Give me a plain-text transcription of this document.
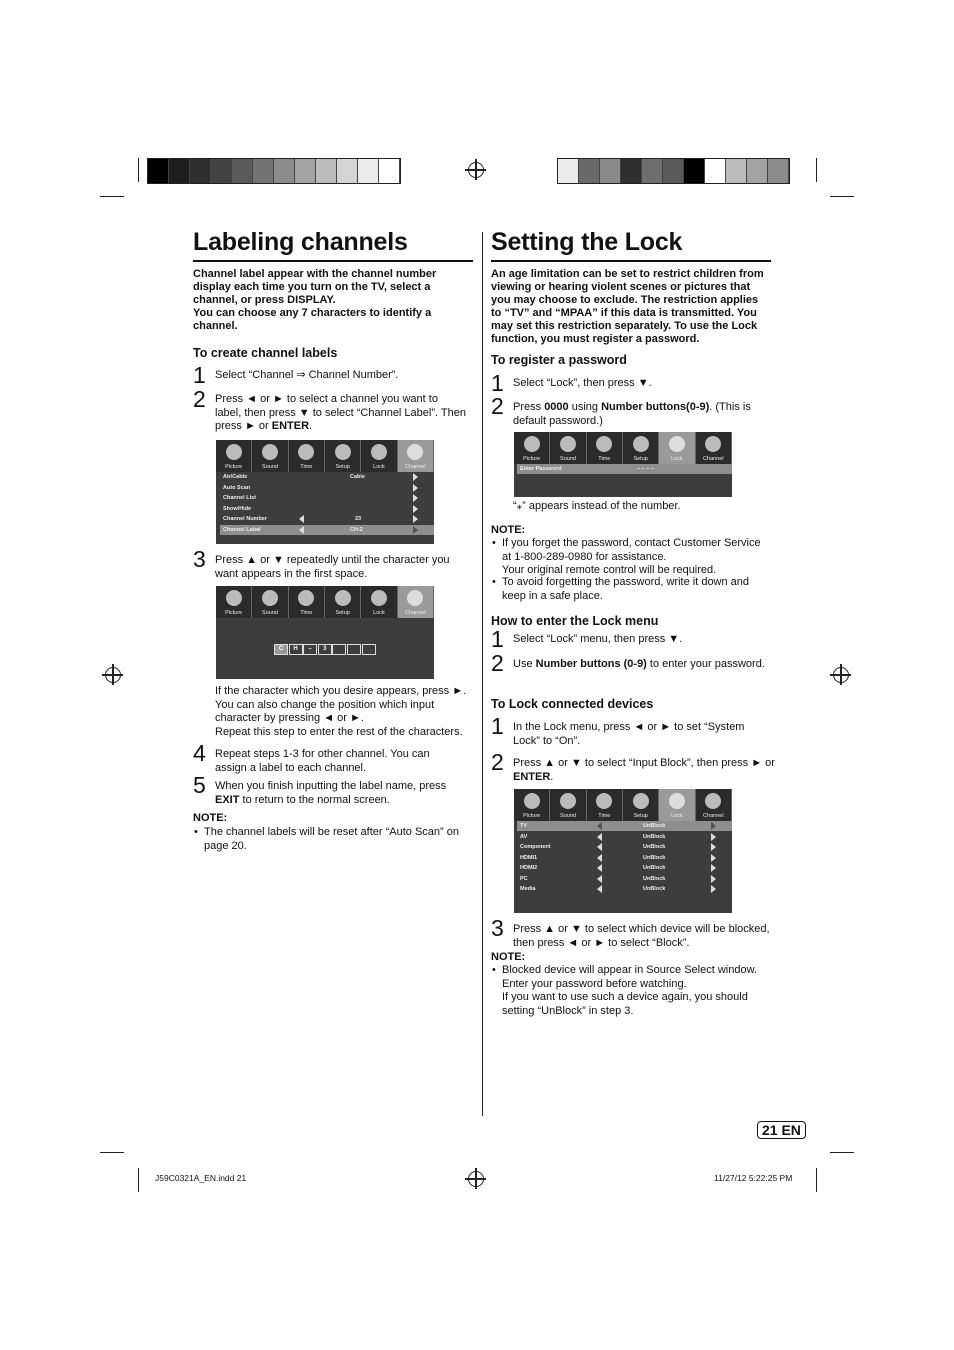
Labeling channels
Channel label appear with the channel number display each time you turn on the TV, select a channel, or press DISPLAY.
You can choose any 7 characters to identify a channel.
To create channel labels
1 Select “Channel ⇒ Channel Number”.
2 Press ◄ or ► to select a channel you want to label, then press ▼ to select “Channel Label”. Then press ► or ENTER.
Picture	Sound	Time	Setup	Lock	Channel
Air/Cable	Cable
Auto Scan
Channel List
Show/Hide
Channel Number	23
Channel Label	CH-2
3 Press ▲ or ▼ repeatedly until the character you want appears in the first space.
Picture	Sound	Time	Setup	Lock	Channel
C	H	–	3
If the character which you desire appears, press ►. You can also change the position which input character by pressing ◄ or ►.
Repeat this step to enter the rest of the characters.
4 Repeat steps 1-3 for other channel. You can assign a label to each channel.
5 When you finish inputting the label name, press EXIT to return to the normal screen.
NOTE:
• The channel labels will be reset after “Auto Scan” on page 20.
Setting the Lock
An age limitation can be set to restrict children from viewing or hearing violent scenes or pictures that you may choose to exclude. The restriction applies to “TV” and “MPAA” if this data is transmitted. You may set this restriction separately. To use the Lock function, you must register a password.
To register a password
1 Select “Lock”, then press ▼.
2 Press 0000 using Number buttons(0-9). (This is default password.)
Picture	Sound	Time	Setup	Lock	Channel
Enter Password	– – – –
“⁎” appears instead of the number.
NOTE:
• If you forget the password, contact Customer Service at 1-800-289-0980 for assistance.
Your original remote control will be required.
• To avoid forgetting the password, write it down and keep in a safe place.
How to enter the Lock menu
1 Select “Lock” menu, then press ▼.
2 Use Number buttons (0-9) to enter your password.
To Lock connected devices
1 In the Lock menu, press ◄ or ► to set “System Lock” to “On”.
2 Press ▲ or ▼ to select “Input Block”, then press ► or ENTER.
Picture	Sound	Time	Setup	Lock	Channel
TV	UnBlock
AV	UnBlock
Component	UnBlock
HDMI1	UnBlock
HDMI2	UnBlock
PC	UnBlock
Media	UnBlock
3 Press ▲ or ▼ to select which device will be blocked, then press ◄ or ► to select “Block”.
NOTE:
• Blocked device will appear in Source Select window. Enter your password before watching.
If you want to use such a device again, you should setting “UnBlock” in step 3.
21 EN
J59C0321A_EN.indd 21	11/27/12 5:22:25 PM
